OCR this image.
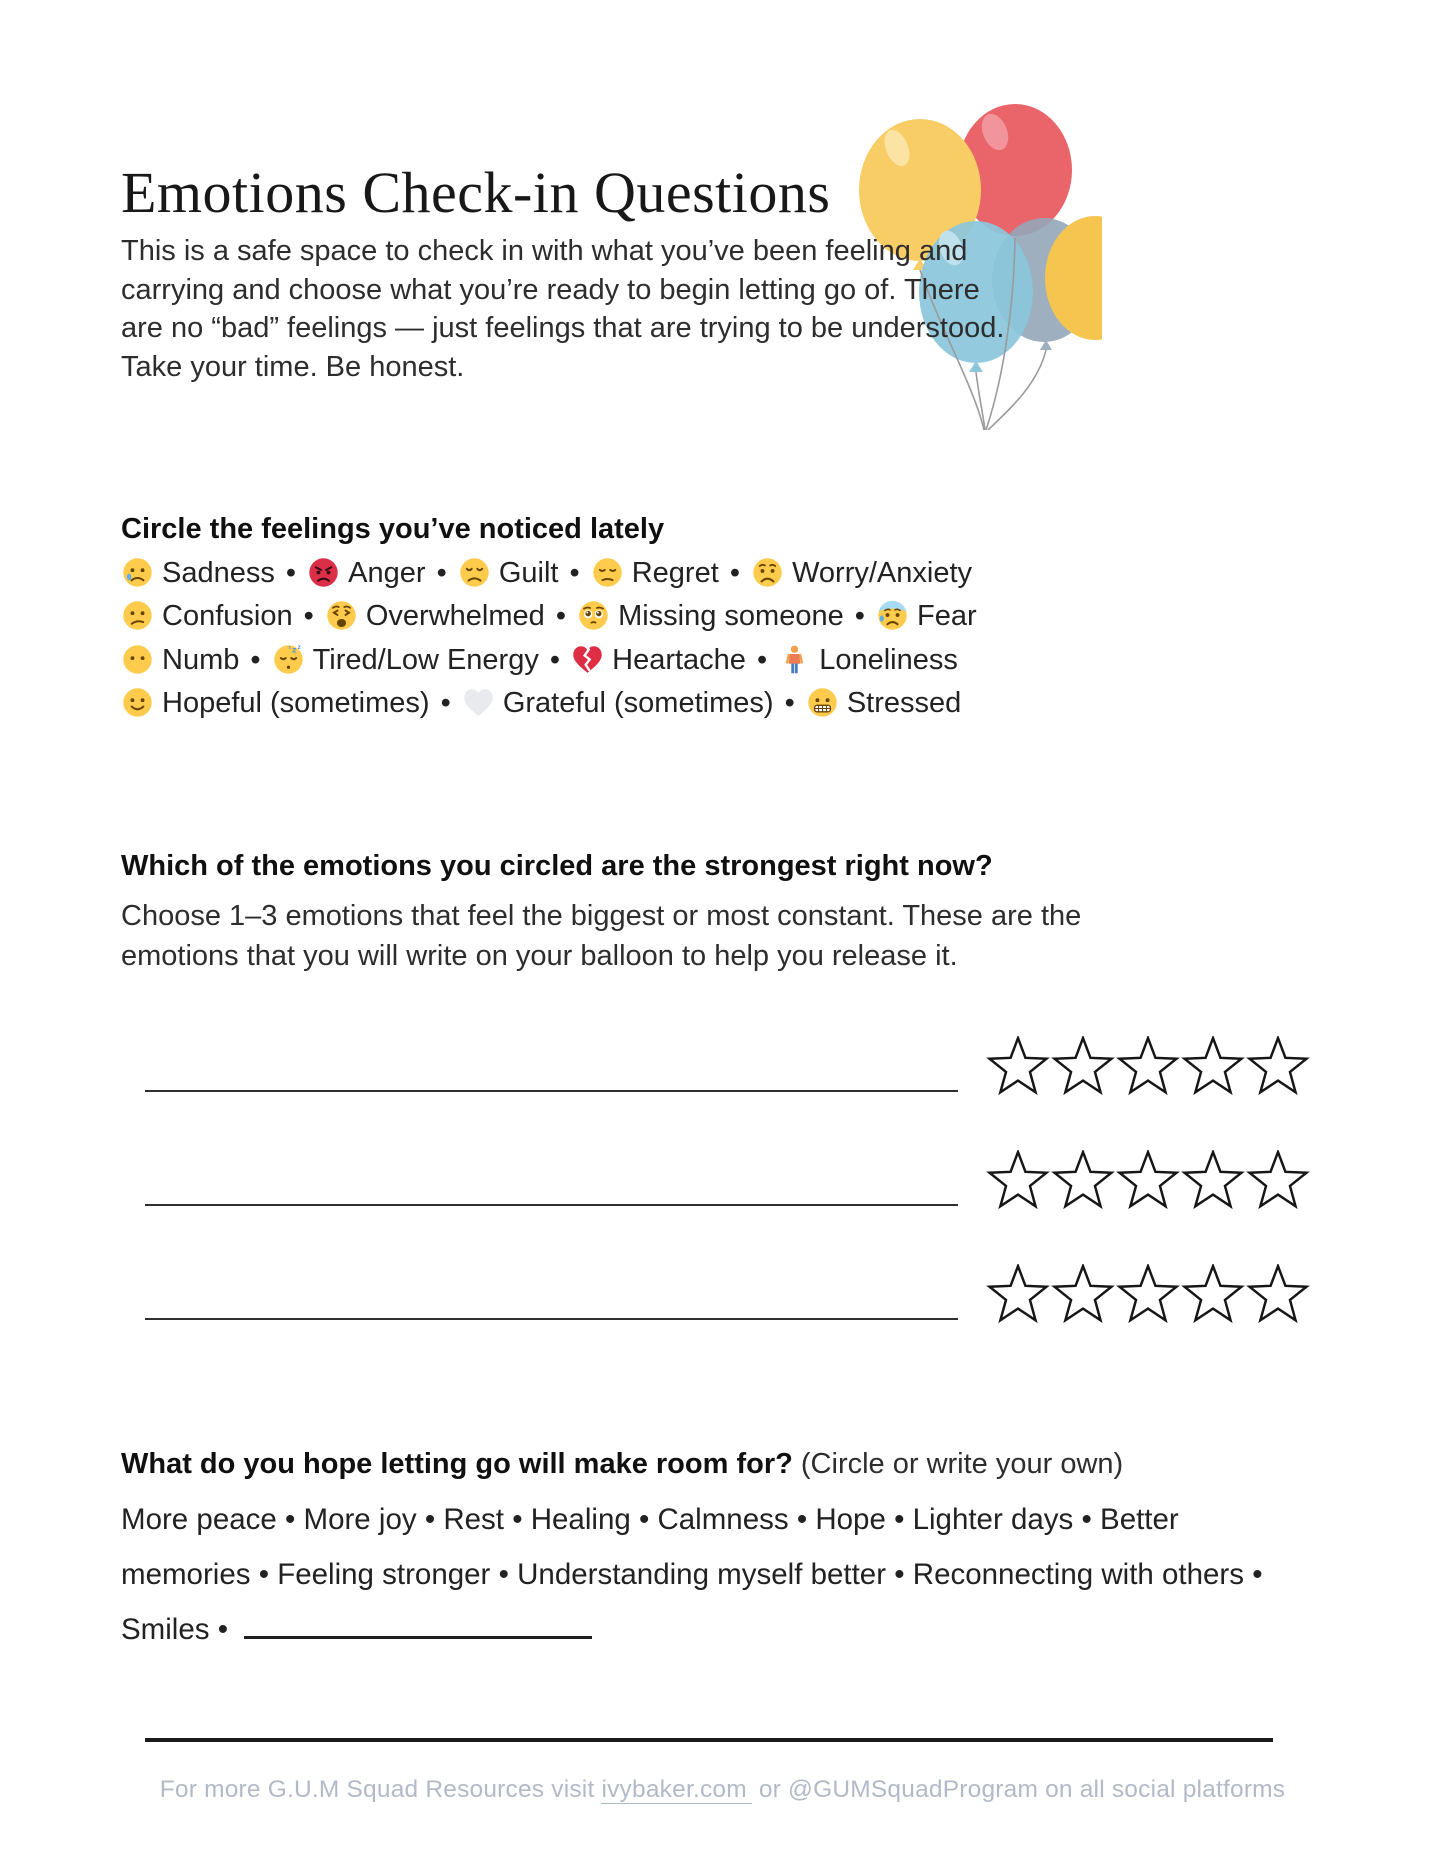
Emotions Check-in Questions

This is a safe space to check in with what you’ve been feeling and carrying and choose what you’re ready to begin letting go of. There are no “bad” feelings — just feelings that are trying to be understood. Take your time. Be honest.

Circle the feelings you’ve noticed lately
Sadness • Anger • Guilt • Regret • Worry/Anxiety
Confusion • Overwhelmed • Missing someone • Fear
Numb • z z
z Tired/Low Energy • Heartache • Loneliness
Hopeful (sometimes) • Grateful (sometimes) • Stressed
Which of the emotions you circled are the strongest right now?
Choose 1–3 emotions that feel the biggest or most constant. These are the emotions that you will write on your balloon to help you release it.
What do you hope letting go will make room for? (Circle or write your own)
More peace • More joy • Rest • Healing • Calmness • Hope • Lighter days • Better memories • Feeling stronger • Understanding myself better • Reconnecting with others • Smiles •
For more G.U.M Squad Resources visit ivybaker.com or @GUMSquadProgram on all social platforms
